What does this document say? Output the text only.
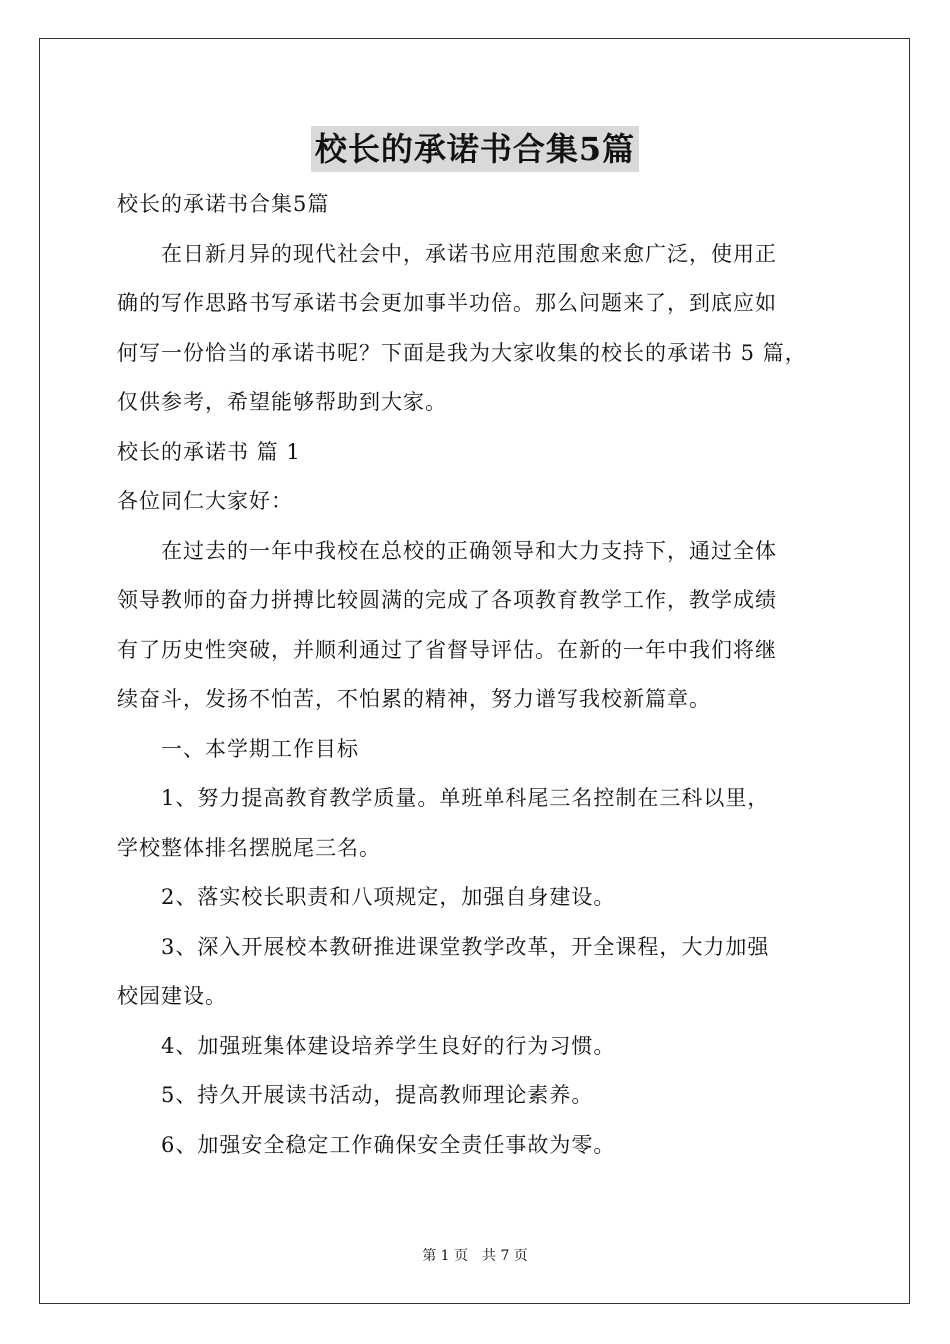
校长的承诺书合集5篇

校长的承诺书合集5篇

在日新月异的现代社会中，承诺书应用范围愈来愈广泛，使用正

确的写作思路书写承诺书会更加事半功倍。那么问题来了，到底应如

何写一份恰当的承诺书呢？下面是我为大家收集的校长的承诺书 5 篇，

仅供参考，希望能够帮助到大家。

校长的承诺书 篇 1

各位同仁大家好：

在过去的一年中我校在总校的正确领导和大力支持下，通过全体

领导教师的奋力拼搏比较圆满的完成了各项教育教学工作，教学成绩

有了历史性突破，并顺利通过了省督导评估。在新的一年中我们将继

续奋斗，发扬不怕苦，不怕累的精神，努力谱写我校新篇章。

一、本学期工作目标

1、努力提高教育教学质量。单班单科尾三名控制在三科以里，

学校整体排名摆脱尾三名。

2、落实校长职责和八项规定，加强自身建设。

3、深入开展校本教研推进课堂教学改革，开全课程，大力加强

校园建设。

4、加强班集体建设培养学生良好的行为习惯。

5、持久开展读书活动，提高教师理论素养。

6、加强安全稳定工作确保安全责任事故为零。

第 1 页 共 7 页
